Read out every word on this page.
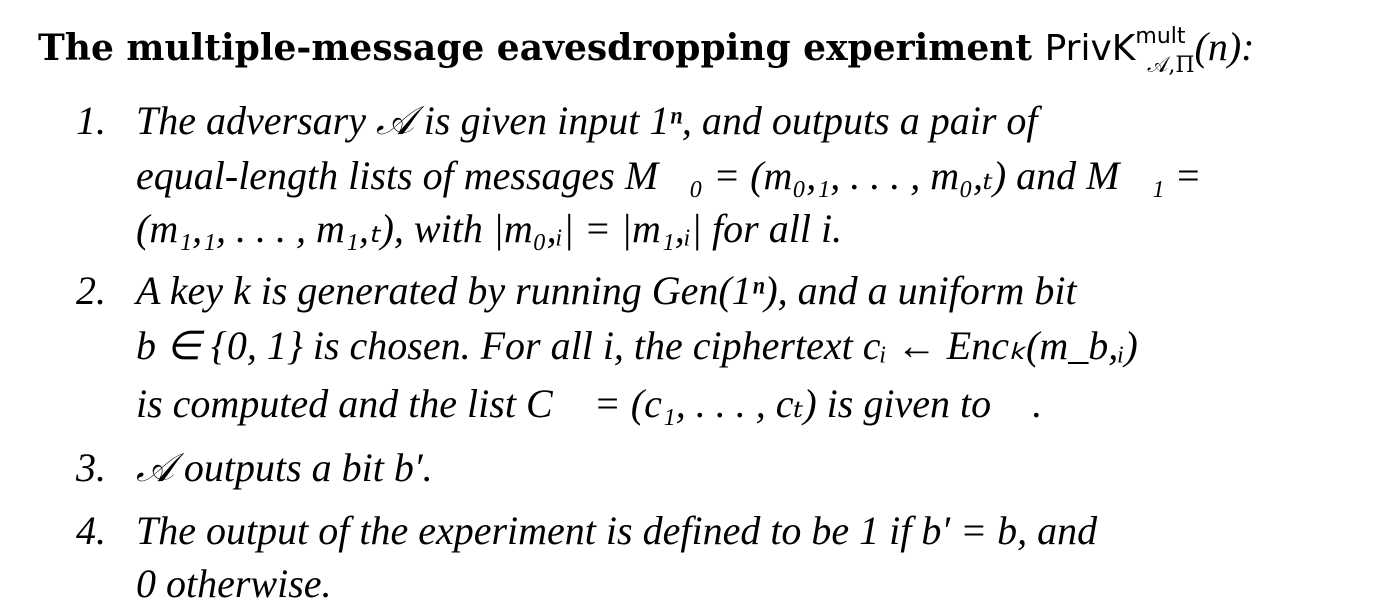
The multiple-message eavesdropping experiment PrivK$^{mult}_{𝒜,\Pi}$(n):
1. The adversary 𝒜 is given input 1ⁿ, and outputs a pair of
equal-length lists of messages M⃗₀ = (m₀,₁, . . . , m₀,ₜ) and M⃗₁ =
(m₁,₁, . . . , m₁,ₜ), with |m₀,ᵢ| = |m₁,ᵢ| for all i.
2. A key k is generated by running Gen(1ⁿ), and a uniform bit
b ∈ {0, 1} is chosen. For all i, the ciphertext cᵢ ← Encₖ(m_b,ᵢ)
is computed and the list C⃗ = (c₁, . . . , cₜ) is given to 𝒜.
3. 𝒜 outputs a bit b′.
4. The output of the experiment is defined to be 1 if b′ = b, and
0 otherwise.
